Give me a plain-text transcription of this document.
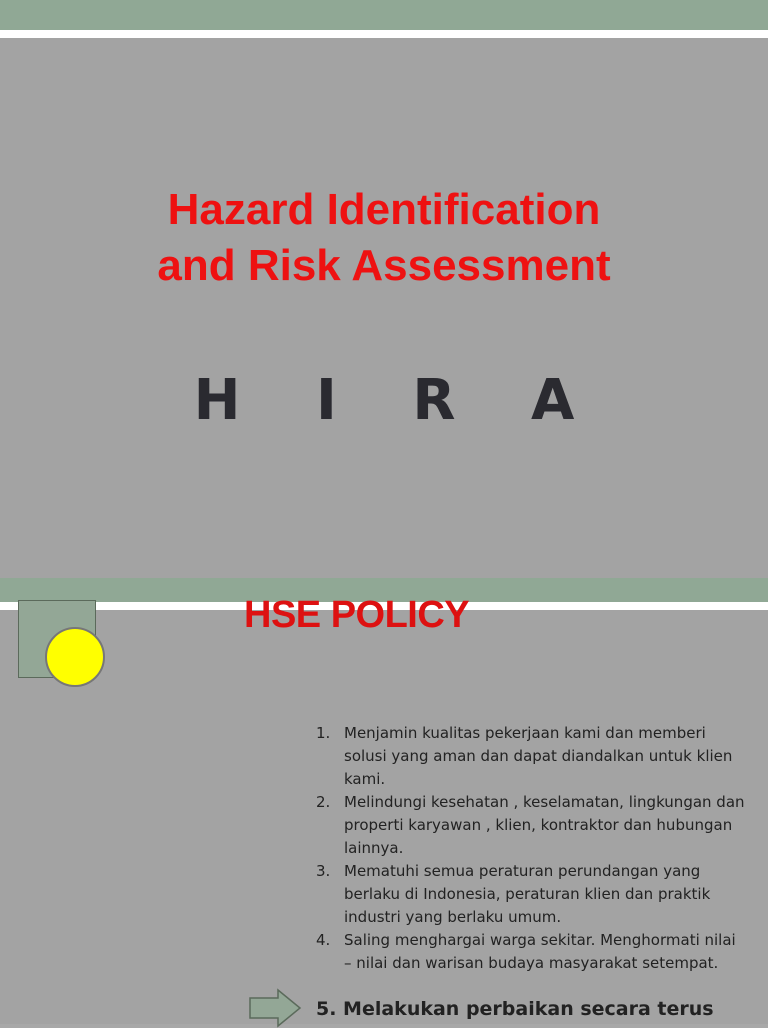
Hazard Identification
and Risk Assessment
H I R A
HSE POLICY
1. Menjamin kualitas pekerjaan kami dan memberi solusi yang aman dan dapat diandalkan untuk klien kami.
2. Melindungi kesehatan , keselamatan, lingkungan dan properti karyawan , klien, kontraktor dan hubungan lainnya.
3. Mematuhi semua peraturan perundangan yang berlaku di Indonesia, peraturan klien dan praktik industri yang berlaku umum.
4. Saling menghargai warga sekitar. Menghormati nilai – nilai dan warisan budaya masyarakat setempat.
5. Melakukan perbaikan secara terus
